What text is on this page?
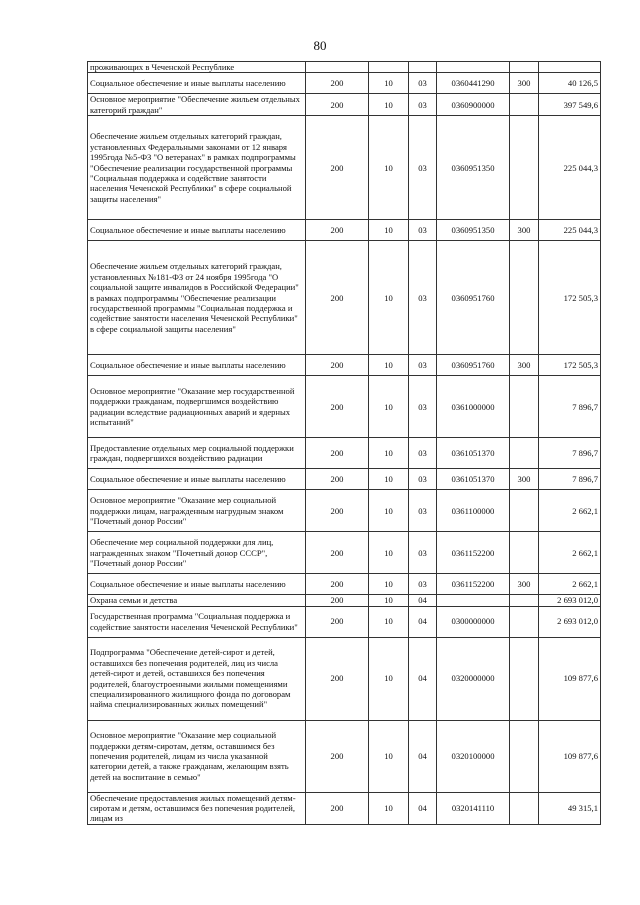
80
проживающих в Чеченской Республике						
Социальное обеспечение и иные выплаты населению	200	10	03	0360441290	300	40 126,5
Основное мероприятие "Обеспечение жильем отдельных категорий граждан"	200	10	03	0360900000		397 549,6
Обеспечение жильем отдельных категорий граждан, установленных Федеральными законами от 12 января 1995года №5-ФЗ "О ветеранах" в рамках подпрограммы "Обеспечение реализации государственной программы "Социальная поддержка и содействие занятости населения Чеченской Республики" в сфере социальной защиты населения"	200	10	03	0360951350		225 044,3
Социальное обеспечение и иные выплаты населению	200	10	03	0360951350	300	225 044,3
Обеспечение жильем отдельных категорий граждан, установленных №181-ФЗ от 24 ноября 1995года "О социальной защите инвалидов в Российской Федерации" в рамках подпрограммы "Обеспечение реализации государственной программы "Социальная поддержка и содействие занятости населения Чеченской Республики" в сфере социальной защиты населения"	200	10	03	0360951760		172 505,3
Социальное обеспечение и иные выплаты населению	200	10	03	0360951760	300	172 505,3
Основное мероприятие "Оказание мер государственной поддержки гражданам, подвергшимся воздействию радиации вследствие радиационных аварий и ядерных испытаний"	200	10	03	0361000000		7 896,7
Предоставление отдельных мер социальной поддержки граждан, подвергшихся воздействию радиации	200	10	03	0361051370		7 896,7
Социальное обеспечение и иные выплаты населению	200	10	03	0361051370	300	7 896,7
Основное мероприятие "Оказание мер социальной поддержки лицам, награжденным нагрудным знаком "Почетный донор России"	200	10	03	0361100000		2 662,1
Обеспечение мер социальной поддержки для лиц, награжденных знаком "Почетный донор СССР", "Почетный донор России"	200	10	03	0361152200		2 662,1
Социальное обеспечение и иные выплаты населению	200	10	03	0361152200	300	2 662,1
Охрана семьи и детства	200	10	04			2 693 012,0
Государственная программа "Социальная поддержка и содействие занятости населения Чеченской Республики"	200	10	04	0300000000		2 693 012,0
Подпрограмма "Обеспечение детей-сирот и детей, оставшихся без попечения родителей, лиц из числа детей-сирот и детей, оставшихся без попечения родителей, благоустроенными жилыми помещениями специализированного жилищного фонда по договорам найма специализированных жилых помещений"	200	10	04	0320000000		109 877,6
Основное мероприятие "Оказание мер социальной поддержки детям-сиротам, детям, оставшимся без попечения родителей, лицам из числа указанной категории детей, а также гражданам, желающим взять детей на воспитание в семью"	200	10	04	0320100000		109 877,6
Обеспечение предоставления жилых помещений детям-сиротам и детям, оставшимся без попечения родителей, лицам из	200	10	04	0320141110		49 315,1
